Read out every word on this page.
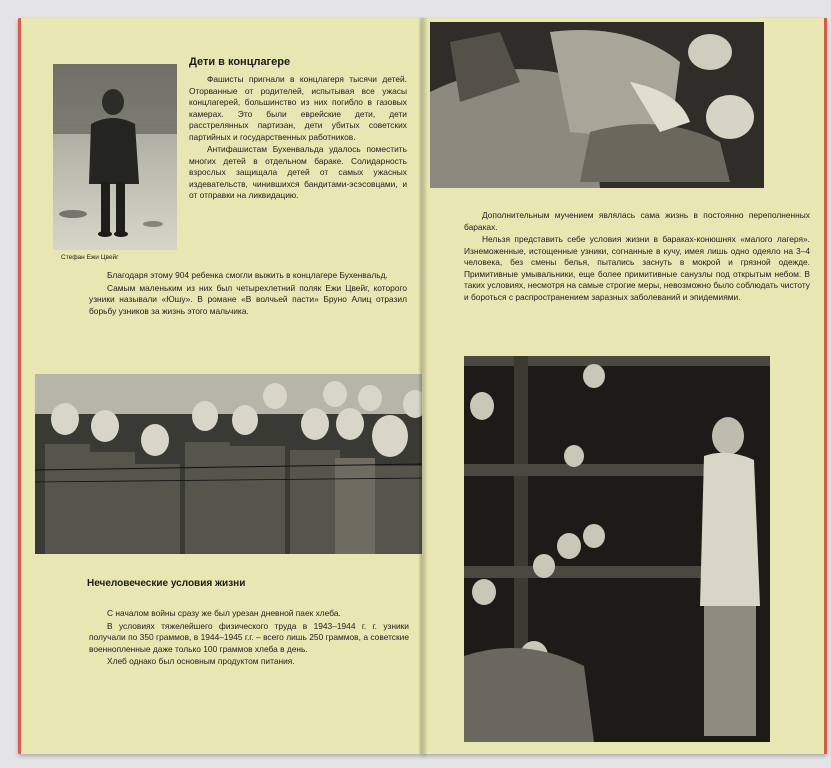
Стефан Ежи Цвейг
Дети в концлагере

Фашисты пригнали в концлагеря тысячи детей. Оторванные от родителей, испытывая все ужасы концлагерей, большинство из них погибло в газовых камерах. Это были еврейские дети, дети расстрелянных партизан, дети убитых советских партийных и государственных работников.

Антифашистам Бухенвальда удалось поместить многих детей в отдельном бараке. Солидарность взрослых защищала детей от самых ужасных издевательств, чинившихся бандитами-эсэсовцами, и от отправки на ликвидацию.

Благодаря этому 904 ребенка смогли выжить в концлагере Бухенвальд.

Самым маленьким из них был четырехлетний поляк Ежи Цвейг, которого узники называли «Юшу». В романе «В волчьей пасти» Бруно Алиц отразил борьбу узников за жизнь этого мальчика.

Нечеловеческие условия жизни

С началом войны сразу же был урезан дневной паек хлеба.

В условиях тяжелейшего физического труда в 1943–1944 г. г. узники получали по 350 граммов, в 1944–1945 г.г. – всего лишь 250 граммов, а советские военнопленные даже только 100 граммов хлеба в день.

Хлеб однако был основным продуктом питания.

Дополнительным мучением являлась сама жизнь в постоянно переполненных бараках.

Нельзя представить себе условия жизни в бараках-конюшнях «малого лагеря». Изнеможенные, истощенные узники, согнанные в кучу, имея лишь одно одеяло на 3–4 человека, без смены белья, пытались заснуть в мокрой и грязной одежде. Примитивные умывальники, еще более примитивные санузлы под открытым небом. В таких условиях, несмотря на самые строгие меры, невозможно было соблюдать чистоту и бороться с распространением заразных заболеваний и эпидемиями.
